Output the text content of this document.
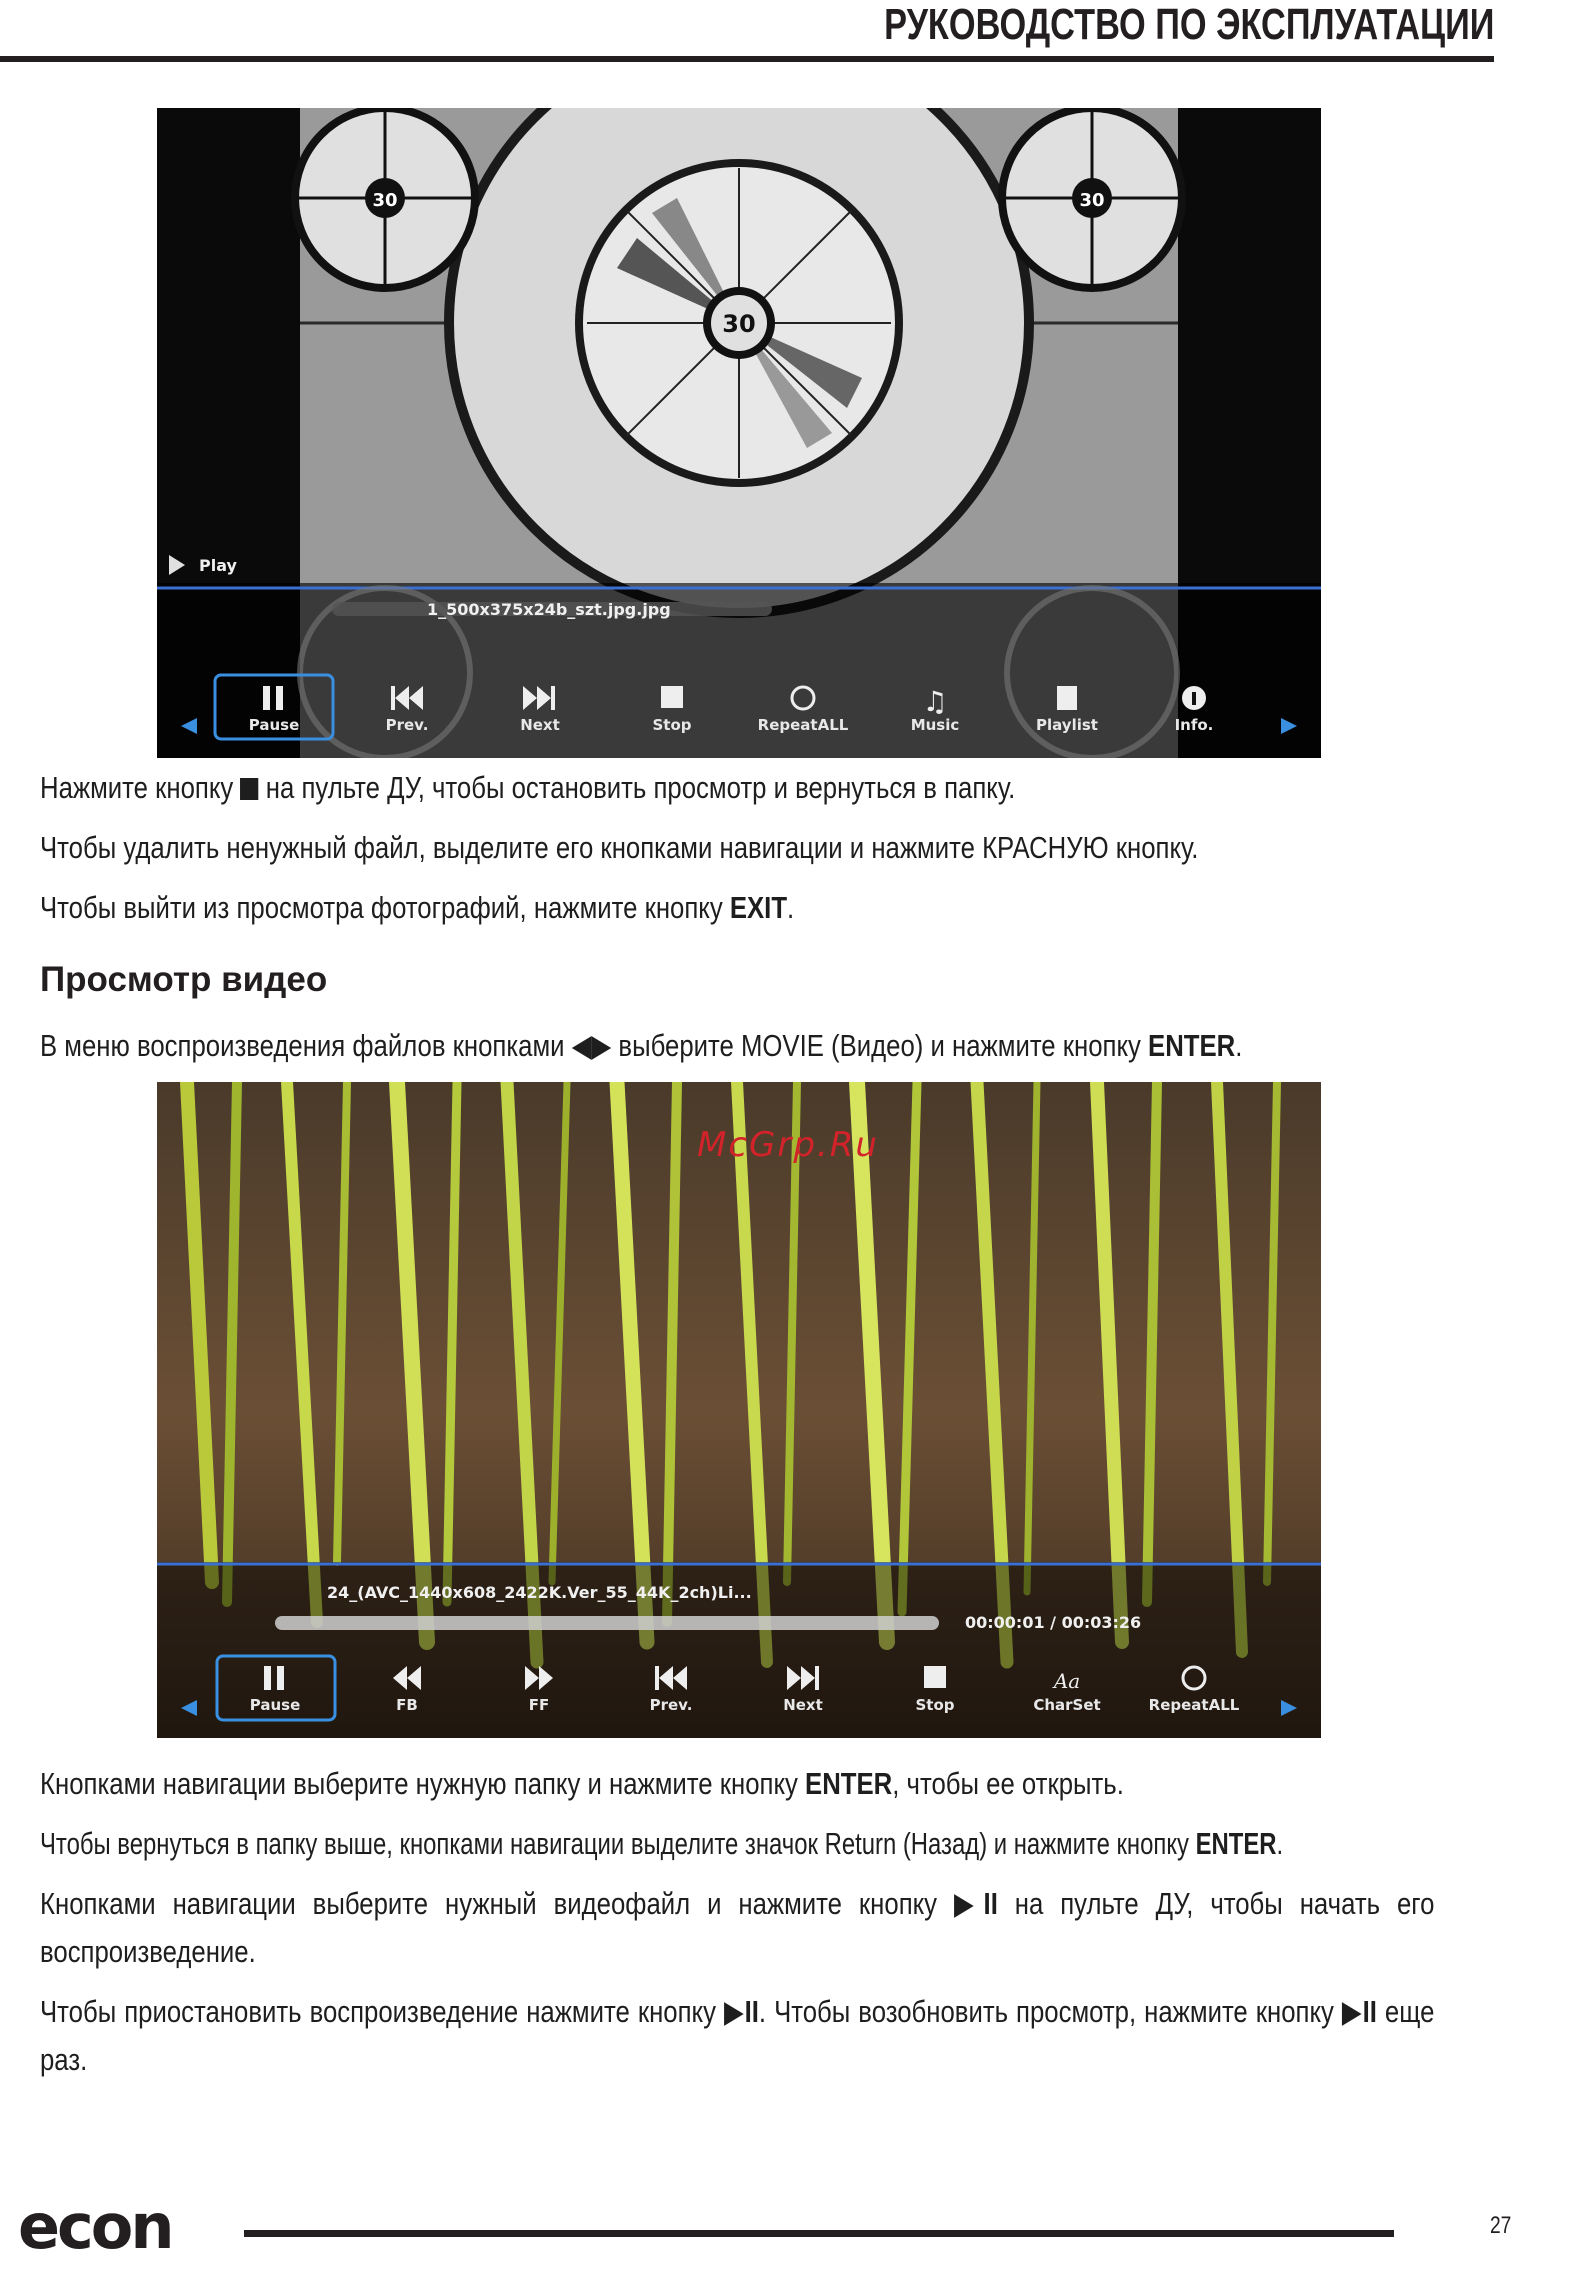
РУКОВОДСТВО ПО ЭКСПЛУАТАЦИИ
30
30	30
Play
1_500x375x24b_szt.jpg.jpg
Pause	Prev.	Next	Stop	RepeatALL
♫
Music	Playlist	Info.
Нажмите кнопку  на пульте ДУ, чтобы остановить просмотр и вернуться в папку.
Чтобы удалить ненужный файл, выделите его кнопками навигации и нажмите КРАСНУЮ кнопку.
Чтобы выйти из просмотра фотографий, нажмите кнопку EXIT.
Просмотр видео
В меню воспроизведения файлов кнопками ◀▶ выберите MOVIE (Видео) и нажмите кнопку ENTER.
24_(AVC_1440x608_2422K.Ver_55_44K_2ch)Li...
00:00:01 / 00:03:26
Pause	FB	FF	Prev.	Next	Stop
Aa
CharSet	RepeatALL
McGrp.Ru
Кнопками навигации выберите нужную папку и нажмите кнопку ENTER, чтобы ее открыть.
Чтобы вернуться в папку выше, кнопками навигации выделите значок Return (Назад) и нажмите кнопку ENTER.
Кнопками навигации выберите нужный видеофайл и нажмите кнопку ▶II на пульте ДУ, чтобы начать его воспроизведение.
Чтобы приостановить воспроизведение нажмите кнопку ▶II. Чтобы возобновить просмотр, нажмите кнопку ▶II еще раз.
econ	27
